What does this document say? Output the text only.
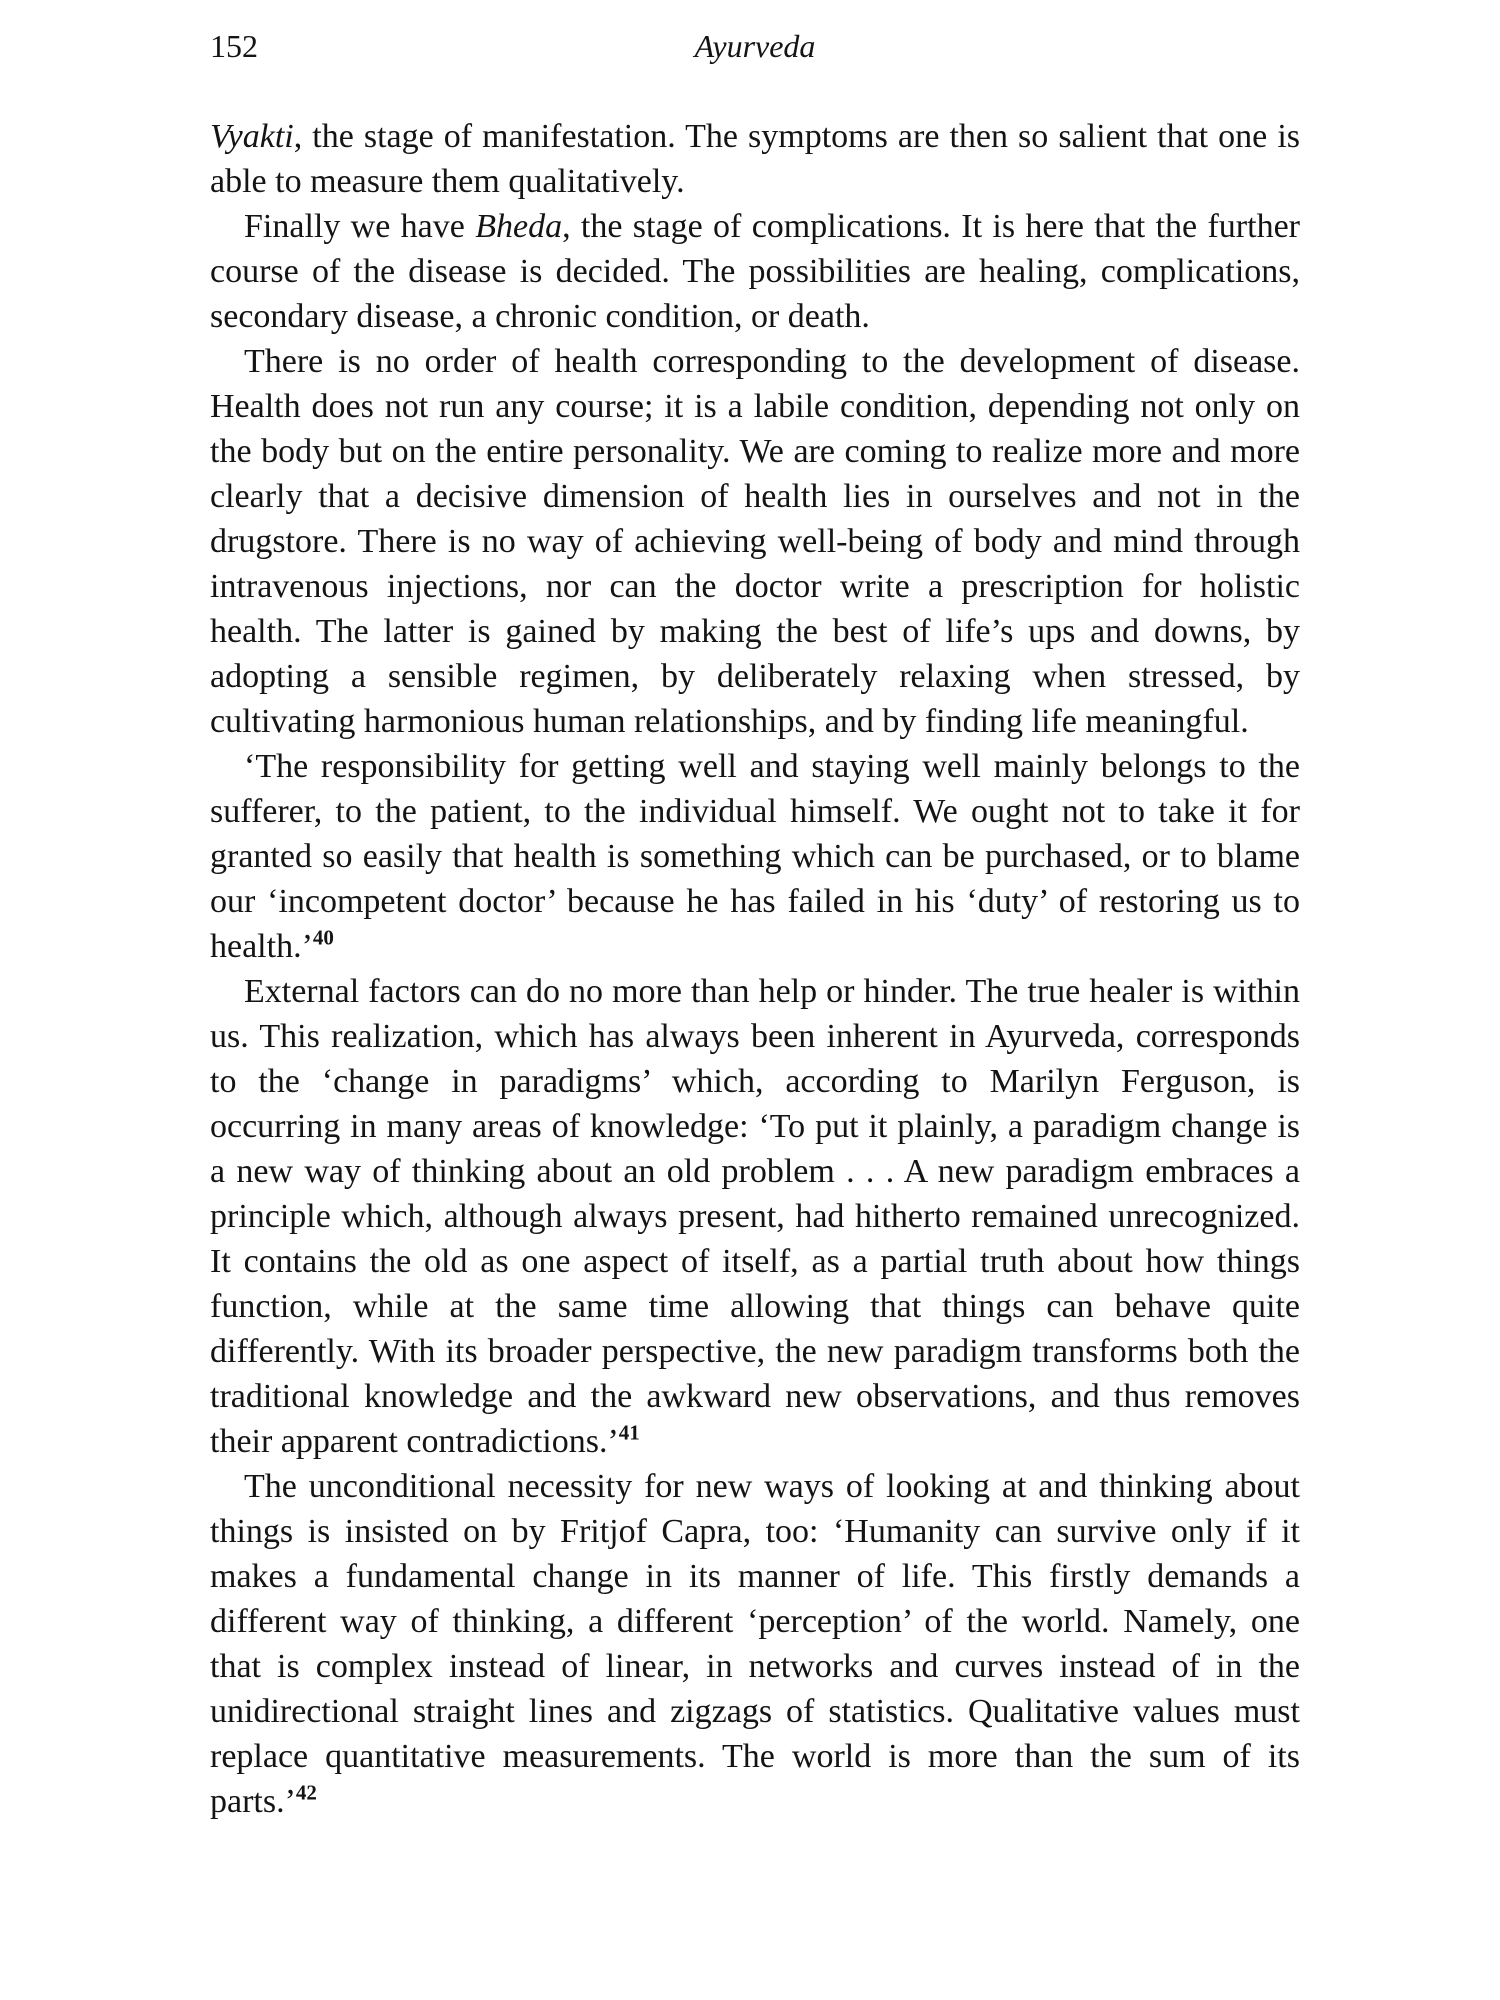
152	Ayurveda

Vyakti, the stage of manifestation. The symptoms are then so salient that one is able to measure them qualitatively.

Finally we have Bheda, the stage of complications. It is here that the further course of the disease is decided. The possibilities are healing, complications, secondary disease, a chronic condition, or death.

There is no order of health corresponding to the development of disease. Health does not run any course; it is a labile condition, depending not only on the body but on the entire personality. We are coming to realize more and more clearly that a decisive dimension of health lies in ourselves and not in the drugstore. There is no way of achieving well-being of body and mind through intravenous injections, nor can the doctor write a prescription for holistic health. The latter is gained by making the best of life’s ups and downs, by adopting a sensible regimen, by deliberately relaxing when stressed, by cultivating harmonious human relationships, and by finding life meaningful.

‘The responsibility for getting well and staying well mainly belongs to the sufferer, to the patient, to the individual himself. We ought not to take it for granted so easily that health is something which can be purchased, or to blame our ‘incompetent doctor’ because he has failed in his ‘duty’ of restoring us to health.’$^{40}$

External factors can do no more than help or hinder. The true healer is within us. This realization, which has always been inherent in Ayurveda, corresponds to the ‘change in paradigms’ which, according to Marilyn Ferguson, is occurring in many areas of knowledge: ‘To put it plainly, a paradigm change is a new way of thinking about an old problem . . . A new paradigm embraces a principle which, although always present, had hitherto remained unrecognized. It contains the old as one aspect of itself, as a partial truth about how things function, while at the same time allowing that things can behave quite differently. With its broader perspective, the new paradigm transforms both the traditional knowledge and the awkward new observations, and thus removes their apparent contradictions.’$^{41}$

The unconditional necessity for new ways of looking at and thinking about things is insisted on by Fritjof Capra, too: ‘Humanity can survive only if it makes a fundamental change in its manner of life. This firstly demands a different way of thinking, a different ‘perception’ of the world. Namely, one that is complex instead of linear, in networks and curves instead of in the unidirectional straight lines and zigzags of statistics. Qualitative values must replace quantitative measurements. The world is more than the sum of its parts.’$^{42}$
